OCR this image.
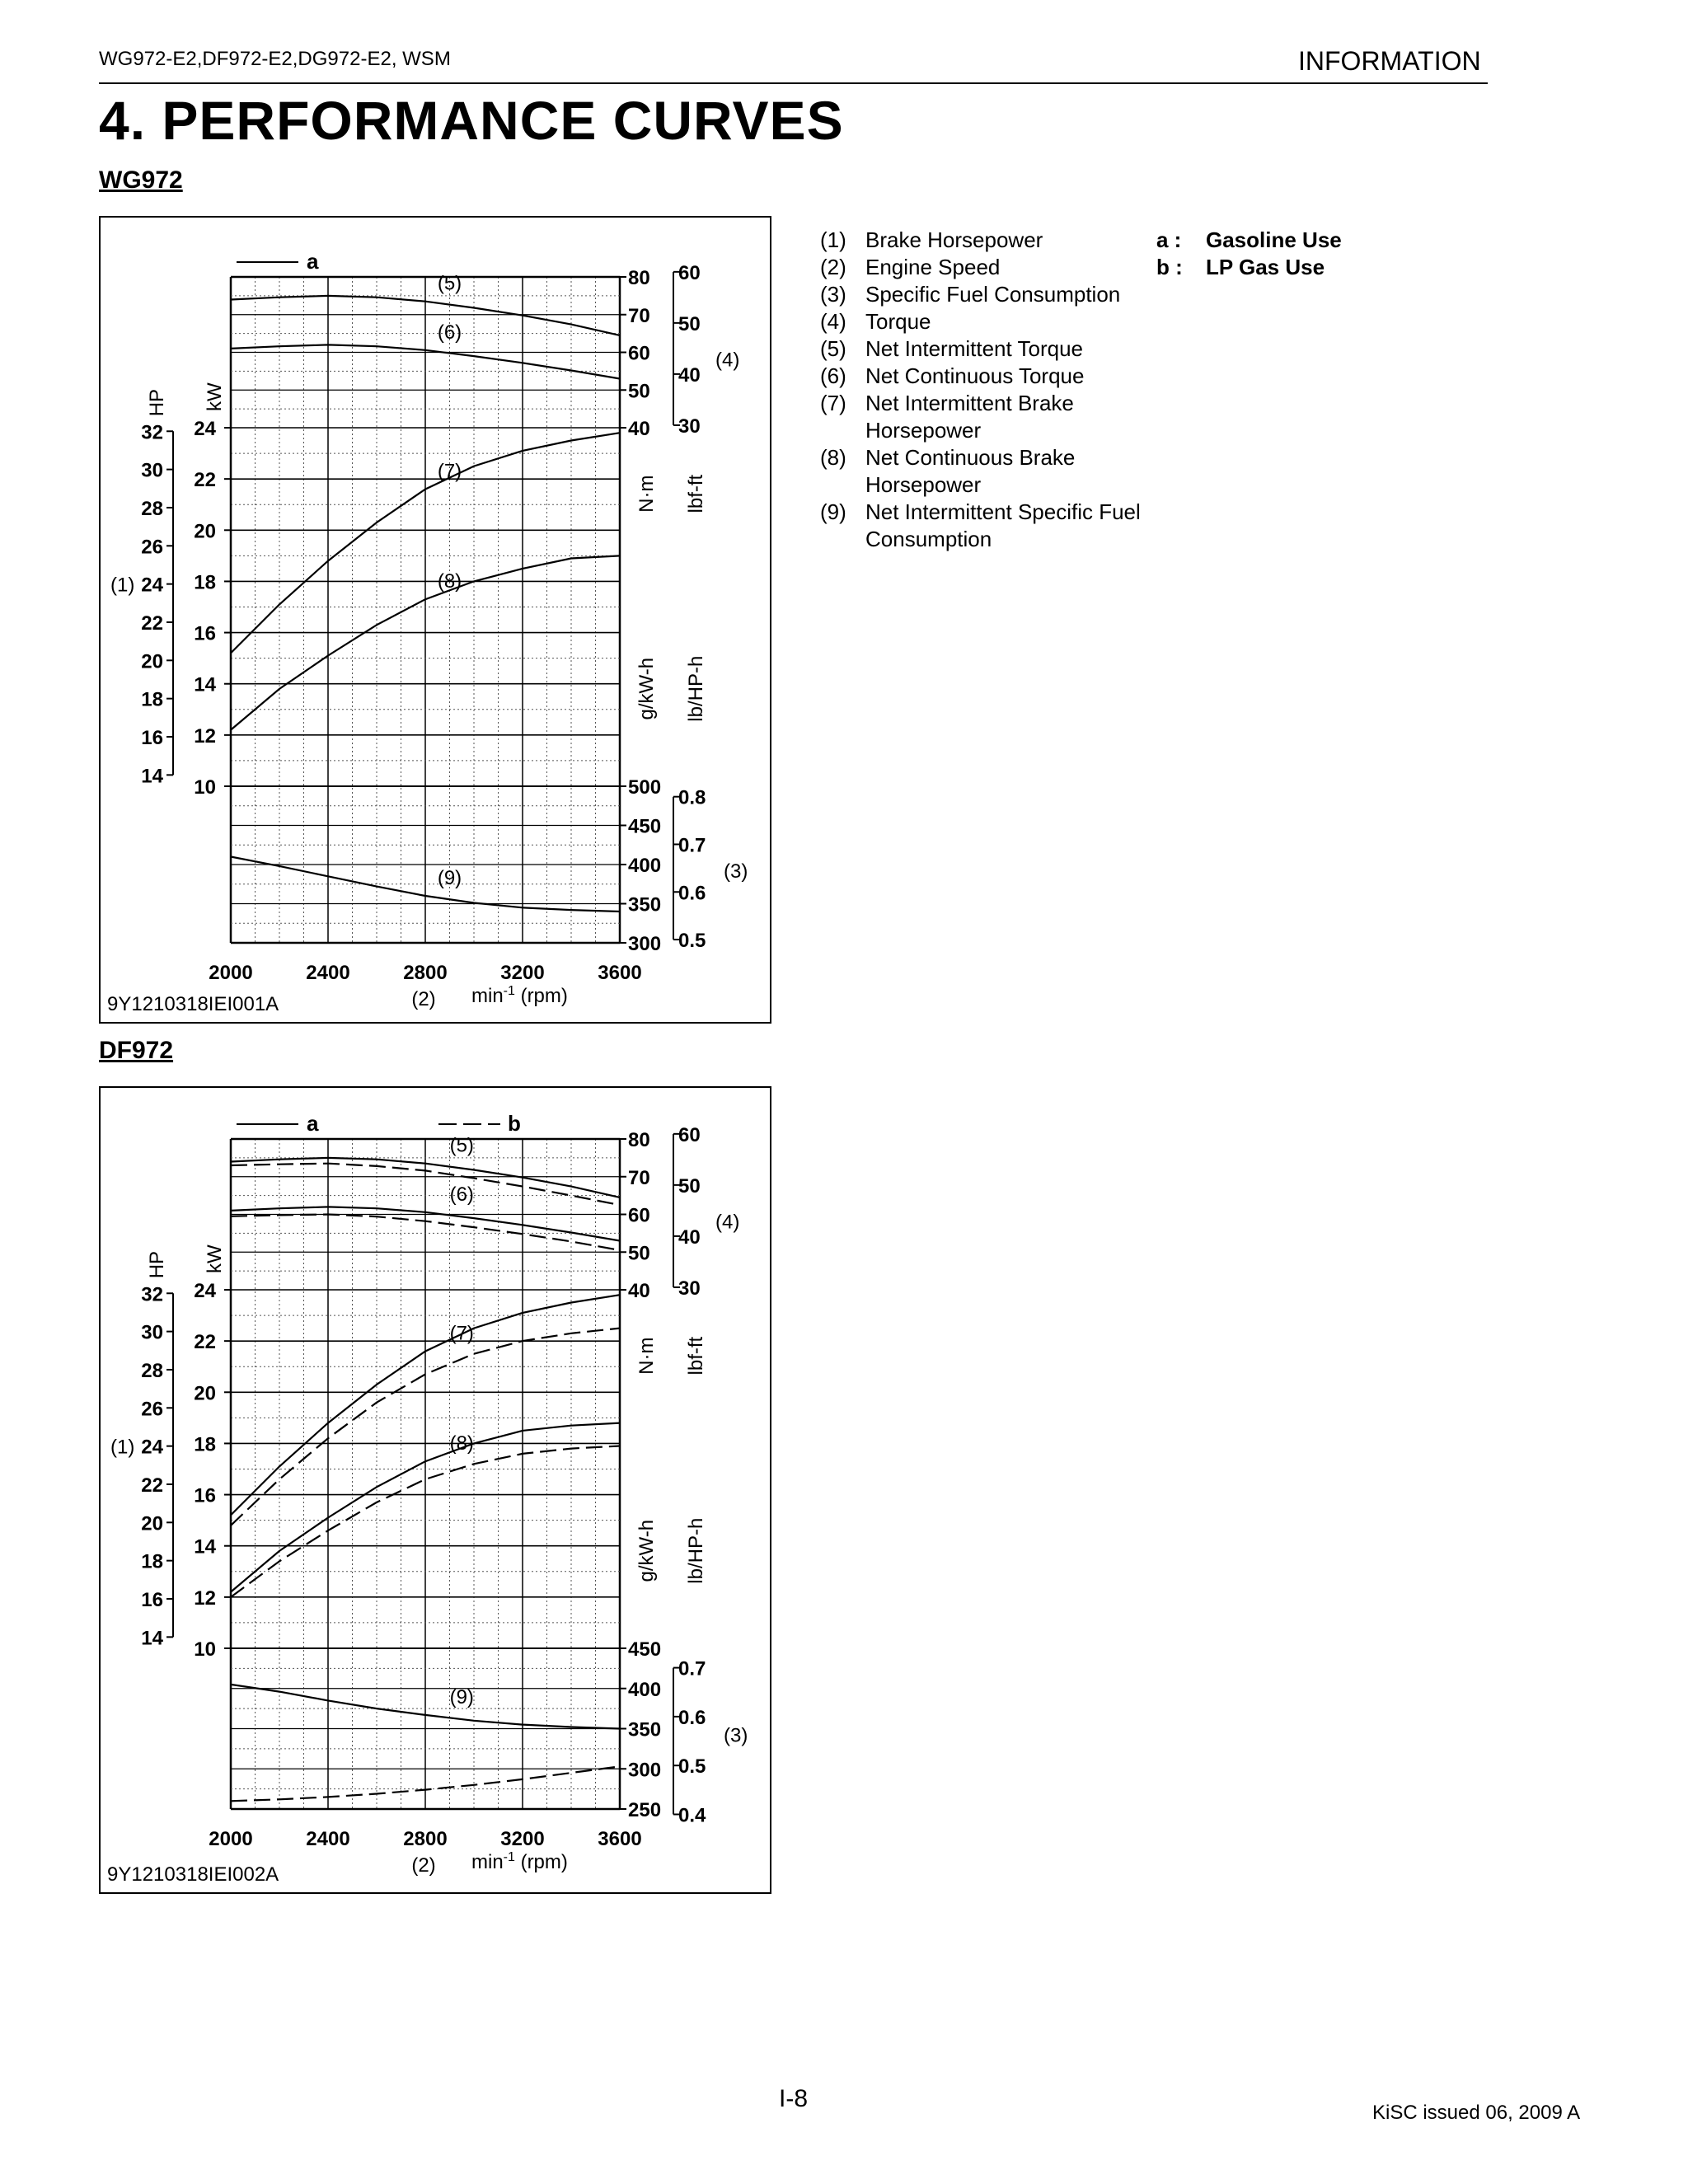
WG972-E2,DF972-E2,DG972-E2, WSM	INFORMATION
4. PERFORMANCE CURVES
WG972
32
30
28
26
24
22
20
18
16
14
24
22
20
18
16
14
12
10
HP kW
(1)
80
70
60
50
40
60
50
40
30
(4)
N·m lbf-ft
g/kW-h lb/HP-h
500
450
400
350
300
0.8
0.7
0.6
0.5
(3)
2000	2400	2800	3200	3600
(2) $\min^{-1} (rpm)$
9Y1210318IEI001A
a
(5)
(6)
(7)
(8)
(9)
DF972
32
30
28
26
24
22
20
18
16
14
24
22
20
18
16
14
12
10
HP kW
(1)
80
70
60
50
40
60
50
40
30
(4)
N·m lbf-ft
g/kW-h lb/HP-h
450
400
350
300
250
0.7
0.6
0.5
0.4
(3)
2000	2400	2800	3200	3600
(2) $\min^{-1} (rpm)$
9Y1210318IEI002A
a	b
(5)
(6)
(7)
(8)
(9)
(1) Brake Horsepower
(2) Engine Speed
(3) Specific Fuel Consumption
(4) Torque
(5) Net Intermittent Torque
(6) Net Continuous Torque
(7) Net Intermittent Brake Horsepower
(8) Net Continuous Brake Horsepower
(9) Net Intermittent Specific Fuel Consumption
a :	Gasoline Use
b :	LP Gas Use
I-8
KiSC issued 06, 2009 A
